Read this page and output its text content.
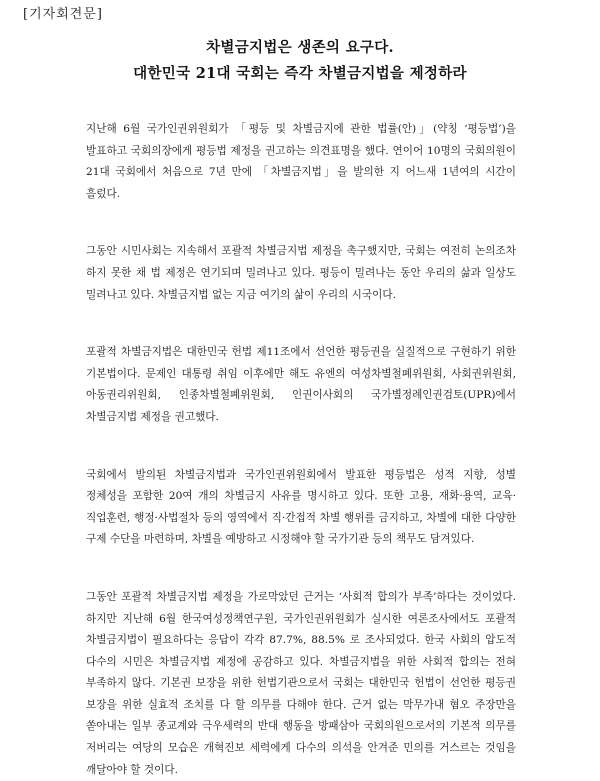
[기자회견문]
차별금지법은 생존의 요구다.
대한민국 21대 국회는 즉각 차별금지법을 제정하라

지난해 6월 국가인권위원회가 「평등 및 차별금지에 관한 법률(안)」(약칭 ‘평등법’)을 발표하고 국회의장에게 평등법 제정을 권고하는 의견표명을 했다. 연이어 10명의 국회의원이 21대 국회에서 처음으로 7년 만에 「차별금지법」을 발의한 지 어느새 1년여의 시간이 흘렀다.

그동안 시민사회는 지속해서 포괄적 차별금지법 제정을 촉구했지만, 국회는 여전히 논의조차 하지 못한 채 법 제정은 연기되며 밀려나고 있다. 평등이 밀려나는 동안 우리의 삶과 일상도 밀려나고 있다. 차별금지법 없는 지금 여기의 삶이 우리의 시국이다.

포괄적 차별금지법은 대한민국 헌법 제11조에서 선언한 평등권을 실질적으로 구현하기 위한 기본법이다. 문제인 대통령 취임 이후에만 해도 유엔의 여성차별철폐위원회, 사회권위원회, 아동권리위원회, 인종차별철폐위원회, 인권이사회의 국가별정례인권검토(UPR)에서 차별금지법 제정을 권고했다.

국회에서 발의된 차별금지법과 국가인권위원회에서 발표한 평등법은 성적 지향, 성별 정체성을 포함한 20여 개의 차별금지 사유를 명시하고 있다. 또한 고용, 재화·용역, 교육·직업훈련, 행정·사법절차 등의 영역에서 직·간접적 차별 행위를 금지하고, 차별에 대한 다양한 구제 수단을 마련하며, 차별을 예방하고 시정해야 할 국가기관 등의 책무도 담겨있다.

그동안 포괄적 차별금지법 제정을 가로막았던 근거는 ‘사회적 합의가 부족’하다는 것이었다. 하지만 지난해 6월 한국여성정책연구원, 국가인권위원회가 실시한 여론조사에서도 포괄적 차별금지법이 필요하다는 응답이 각각 87.7%, 88.5% 로 조사되었다. 한국 사회의 압도적 다수의 시민은 차별금지법 제정에 공감하고 있다. 차별금지법을 위한 사회적 합의는 전혀 부족하지 않다. 기본권 보장을 위한 헌법기관으로서 국회는 대한민국 헌법이 선언한 평등권 보장을 위한 실효적 조치를 다 할 의무를 다해야 한다. 근거 없는 막무가내 혐오 주장만을 쏟아내는 일부 종교계와 극우세력의 반대 행동을 방패삼아 국회의원으로서의 기본적 의무를 저버리는 여당의 모습은 개혁진보 세력에게 다수의 의석을 안겨준 민의를 거스르는 것임을 깨달아야 할 것이다.
